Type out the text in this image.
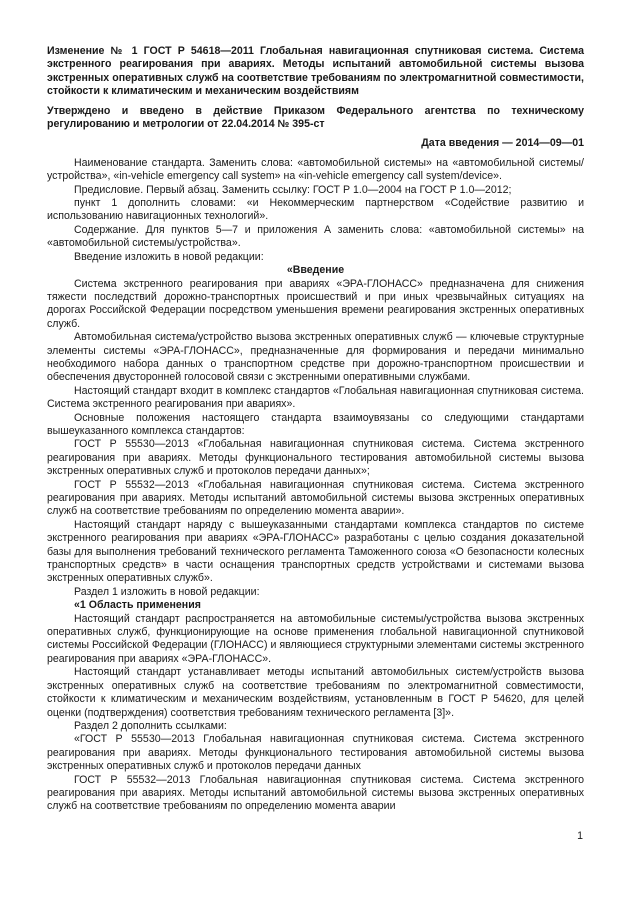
Изменение № 1 ГОСТ Р 54618—2011 Глобальная навигационная спутниковая система. Система экстренного реагирования при авариях. Методы испытаний автомобильной системы вызова экстренных оперативных служб на соответствие требованиям по электромагнитной совместимости, стойкости к климатическим и механическим воздействиям

Утверждено и введено в действие Приказом Федерального агентства по техническому регулированию и метрологии от 22.04.2014 № 395-ст

Дата введения — 2014—09—01

Наименование стандарта. Заменить слова: «автомобильной системы» на «автомобильной системы/устройства», «in-vehicle emergency call system» на «in-vehicle emergency call system/device».

Предисловие. Первый абзац. Заменить ссылку: ГОСТ Р 1.0—2004 на ГОСТ Р 1.0—2012;

пункт 1 дополнить словами: «и Некоммерческим партнерством «Содействие развитию и использованию навигационных технологий».

Содержание. Для пунктов 5—7 и приложения А заменить слова: «автомобильной системы» на «автомобильной системы/устройства».

Введение изложить в новой редакции:

«Введение

Система экстренного реагирования при авариях «ЭРА-ГЛОНАСС» предназначена для снижения тяжести последствий дорожно-транспортных происшествий и при иных чрезвычайных ситуациях на дорогах Российской Федерации посредством уменьшения времени реагирования экстренных оперативных служб.

Автомобильная система/устройство вызова экстренных оперативных служб — ключевые структурные элементы системы «ЭРА-ГЛОНАСС», предназначенные для формирования и передачи минимально необходимого набора данных о транспортном средстве при дорожно-транспортном происшествии и обеспечения двусторонней голосовой связи с экстренными оперативными службами.

Настоящий стандарт входит в комплекс стандартов «Глобальная навигационная спутниковая система. Система экстренного реагирования при авариях».

Основные положения настоящего стандарта взаимоувязаны со следующими стандартами вышеуказанного комплекса стандартов:

ГОСТ Р 55530—2013 «Глобальная навигационная спутниковая система. Система экстренного реагирования при авариях. Методы функционального тестирования автомобильной системы вызова экстренных оперативных служб и протоколов передачи данных»;

ГОСТ Р 55532—2013 «Глобальная навигационная спутниковая система. Система экстренного реагирования при авариях. Методы испытаний автомобильной системы вызова экстренных оперативных служб на соответствие требованиям по определению момента аварии».

Настоящий стандарт наряду с вышеуказанными стандартами комплекса стандартов по системе экстренного реагирования при авариях «ЭРА-ГЛОНАСС» разработаны с целью создания доказательной базы для выполнения требований технического регламента Таможенного союза «О безопасности колесных транспортных средств» в части оснащения транспортных средств устройствами и системами вызова экстренных оперативных служб».

Раздел 1 изложить в новой редакции:

«1 Область применения

Настоящий стандарт распространяется на автомобильные системы/устройства вызова экстренных оперативных служб, функционирующие на основе применения глобальной навигационной спутниковой системы Российской Федерации (ГЛОНАСС) и являющиеся структурными элементами системы экстренного реагирования при авариях «ЭРА-ГЛОНАСС».

Настоящий стандарт устанавливает методы испытаний автомобильных систем/устройств вызова экстренных оперативных служб на соответствие требованиям по электромагнитной совместимости, стойкости к климатическим и механическим воздействиям, установленным в ГОСТ Р 54620, для целей оценки (подтверждения) соответствия требованиям технического регламента [3]».

Раздел 2 дополнить ссылками:

«ГОСТ Р 55530—2013 Глобальная навигационная спутниковая система. Система экстренного реагирования при авариях. Методы функционального тестирования автомобильной системы вызова экстренных оперативных служб и протоколов передачи данных

ГОСТ Р 55532—2013 Глобальная навигационная спутниковая система. Система экстренного реагирования при авариях. Методы испытаний автомобильной системы вызова экстренных оперативных служб на соответствие требованиям по определению момента аварии

1
